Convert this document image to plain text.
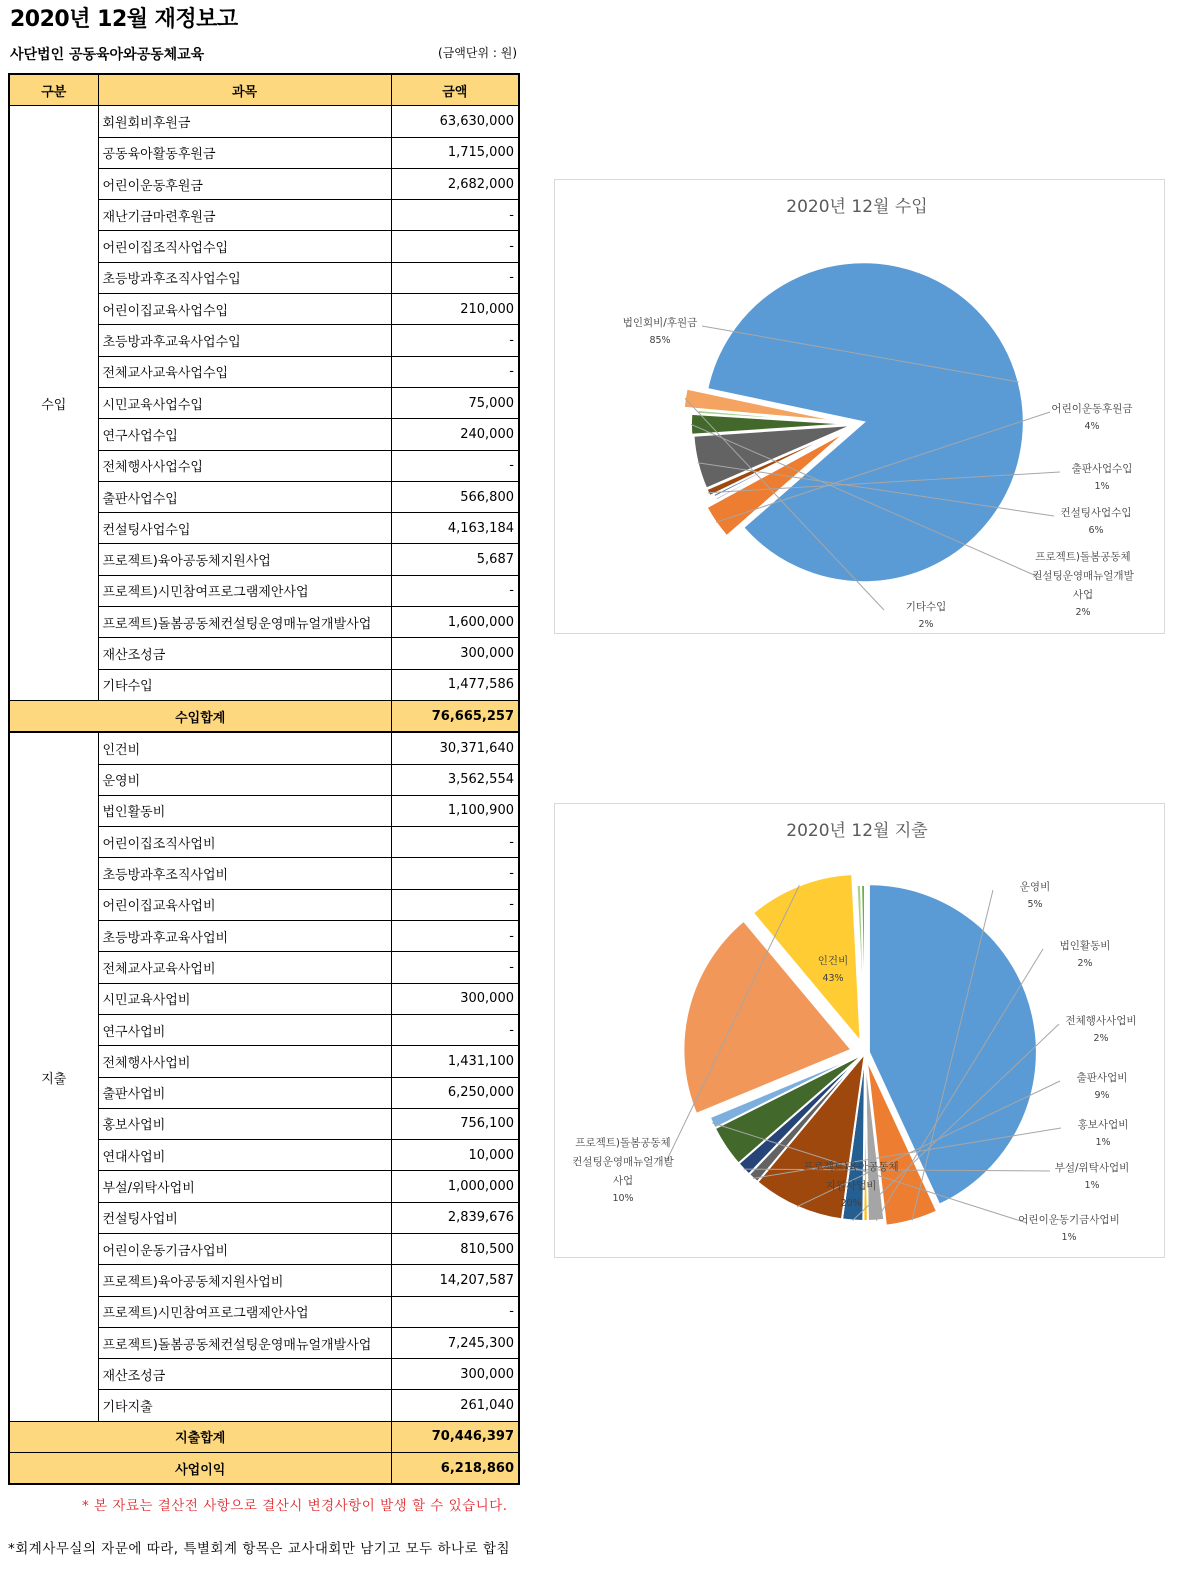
2020년 12월 재정보고
사단법인 공동육아와공동체교육	(금액단위 : 원)
구분	과목	금액
수입	회원회비후원금	63,630,000
	공동육아활동후원금	1,715,000
	어린이운동후원금	2,682,000
	재난기금마련후원금	-
	어린이집조직사업수입	-
	초등방과후조직사업수입	-
	어린이집교육사업수입	210,000
	초등방과후교육사업수입	-
	전체교사교육사업수입	-
	시민교육사업수입	75,000
	연구사업수입	240,000
	전체행사사업수입	-
	출판사업수입	566,800
	컨설팅사업수입	4,163,184
	프로젝트)육아공동체지원사업	5,687
	프로젝트)시민참여프로그램제안사업	-
	프로젝트)돌봄공동체컨설팅운영매뉴얼개발사업	1,600,000
	재산조성금	300,000
	기타수입	1,477,586
수입합계		76,665,257
지출	인건비	30,371,640
	운영비	3,562,554
	법인활동비	1,100,900
	어린이집조직사업비	-
	초등방과후조직사업비	-
	어린이집교육사업비	-
	초등방과후교육사업비	-
	전체교사교육사업비	-
	시민교육사업비	300,000
	연구사업비	-
	전체행사사업비	1,431,100
	출판사업비	6,250,000
	홍보사업비	756,100
	연대사업비	10,000
	부설/위탁사업비	1,000,000
	컨설팅사업비	2,839,676
	어린이운동기금사업비	810,500
	프로젝트)육아공동체지원사업비	14,207,587
	프로젝트)시민참여프로그램제안사업	-
	프로젝트)돌봄공동체컨설팅운영매뉴얼개발사업	7,245,300
	재산조성금	300,000
	기타지출	261,040
지출합계		70,446,397
사업이익		6,218,860
* 본 자료는 결산전 사항으로 결산시 변경사항이 발생 할 수 있습니다.
*회계사무실의 자문에 따라, 특별회계 항목은 교사대회만 남기고 모두 하나로 합침
2020년 12월 수입
법인회비/후원금 85%
어린이운동후원금 4%
출판사업수입 1%
컨설팅사업수입 6%
프로젝트)돌봄공동체 컨설팅운영매뉴얼개발 사업 2%
기타수입 2%
2020년 12월 지출
인건비 43%
운영비 5%
법인활동비 2%
전체행사사업비 2%
출판사업비 9%
홍보사업비 1%
부설/위탁사업비 1%
어린이운동기금사업비 1%
프로젝트)육아공동체 지원사업비 20%
프로젝트)돌봄공동체 컨설팅운영매뉴얼개발 사업 10%
